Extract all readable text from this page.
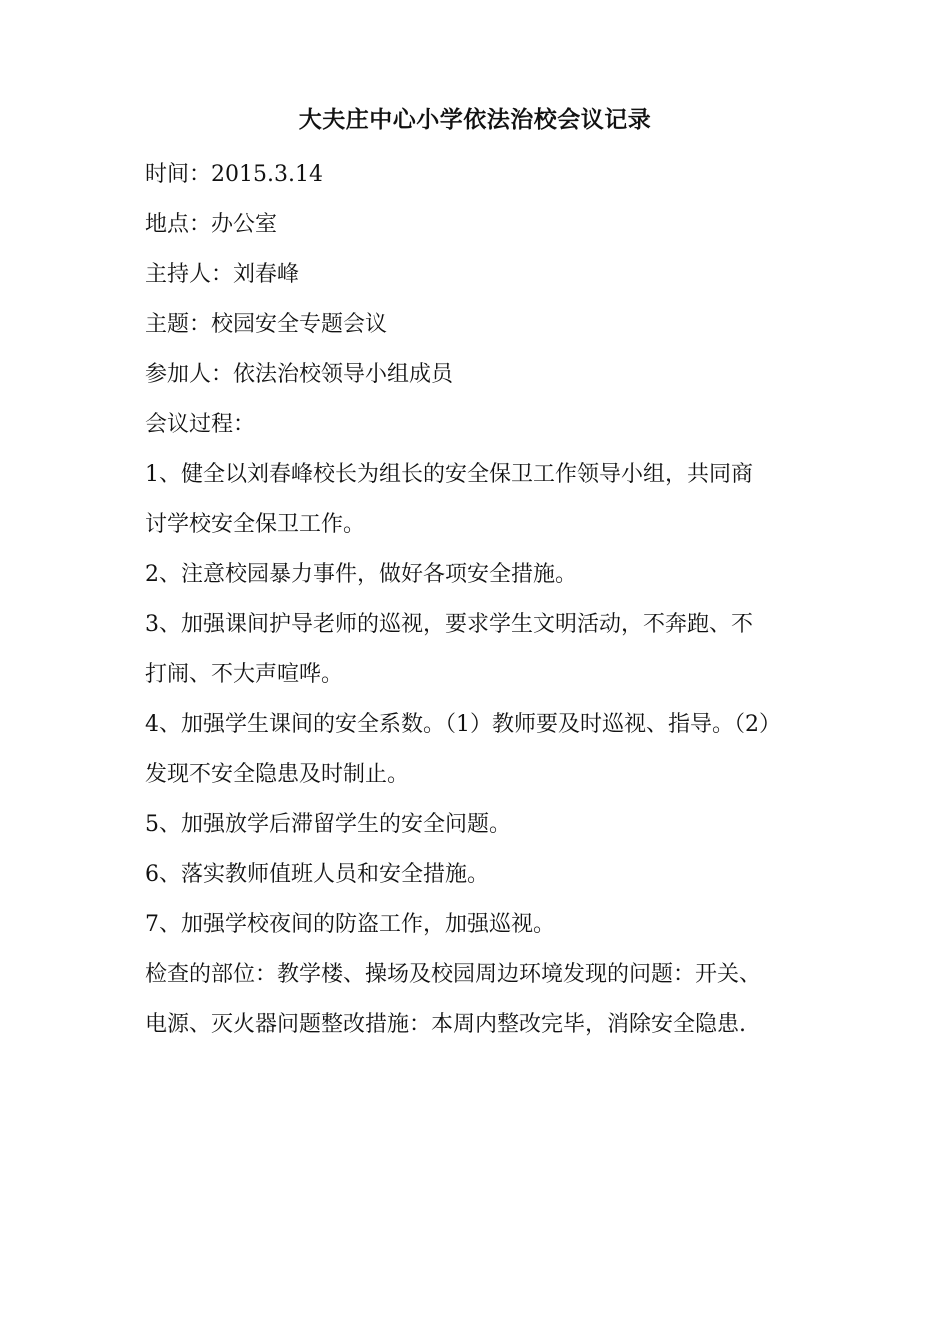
大夫庄中心小学依法治校会议记录
时间：2015.3.14
地点：办公室
主持人：刘春峰
主题：校园安全专题会议
参加人：依法治校领导小组成员
会议过程：
1、健全以刘春峰校长为组长的安全保卫工作领导小组，共同商
讨学校安全保卫工作。
2、注意校园暴力事件，做好各项安全措施。
3、加强课间护导老师的巡视，要求学生文明活动，不奔跑、不
打闹、不大声喧哗。
4、加强学生课间的安全系数。（1）教师要及时巡视、指导。（2）
发现不安全隐患及时制止。
5、加强放学后滞留学生的安全问题。
6、落实教师值班人员和安全措施。
7、加强学校夜间的防盗工作，加强巡视。
检查的部位：教学楼、操场及校园周边环境发现的问题：开关、
电源、灭火器问题整改措施：本周内整改完毕，消除安全隐患.
